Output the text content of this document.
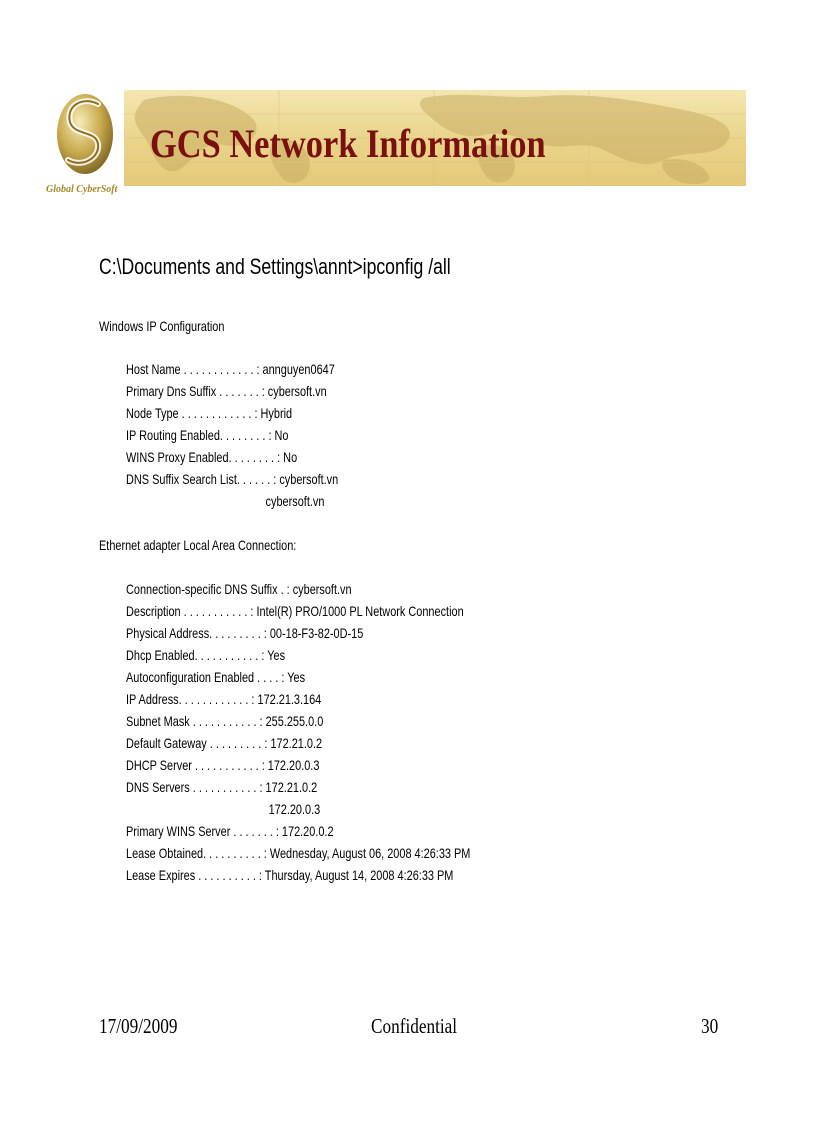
Global CyberSoft
GCS Network Information
C:\Documents and Settings\annt>ipconfig /all
Windows IP Configuration
Host Name . . . . . . . . . . . . : annguyen0647
Primary Dns Suffix . . . . . . . : cybersoft.vn
Node Type . . . . . . . . . . . . : Hybrid
IP Routing Enabled. . . . . . . . : No
WINS Proxy Enabled. . . . . . . . : No
DNS Suffix Search List. . . . . . : cybersoft.vn
cybersoft.vn
Ethernet adapter Local Area Connection:
Connection-specific DNS Suffix . : cybersoft.vn
Description . . . . . . . . . . . : Intel(R) PRO/1000 PL Network Connection
Physical Address. . . . . . . . . : 00-18-F3-82-0D-15
Dhcp Enabled. . . . . . . . . . . : Yes
Autoconfiguration Enabled . . . . : Yes
IP Address. . . . . . . . . . . . : 172.21.3.164
Subnet Mask . . . . . . . . . . . : 255.255.0.0
Default Gateway . . . . . . . . . : 172.21.0.2
DHCP Server . . . . . . . . . . . : 172.20.0.3
DNS Servers . . . . . . . . . . . : 172.21.0.2
172.20.0.3
Primary WINS Server . . . . . . . : 172.20.0.2
Lease Obtained. . . . . . . . . . : Wednesday, August 06, 2008 4:26:33 PM
Lease Expires . . . . . . . . . . : Thursday, August 14, 2008 4:26:33 PM
17/09/2009	Confidential	30
